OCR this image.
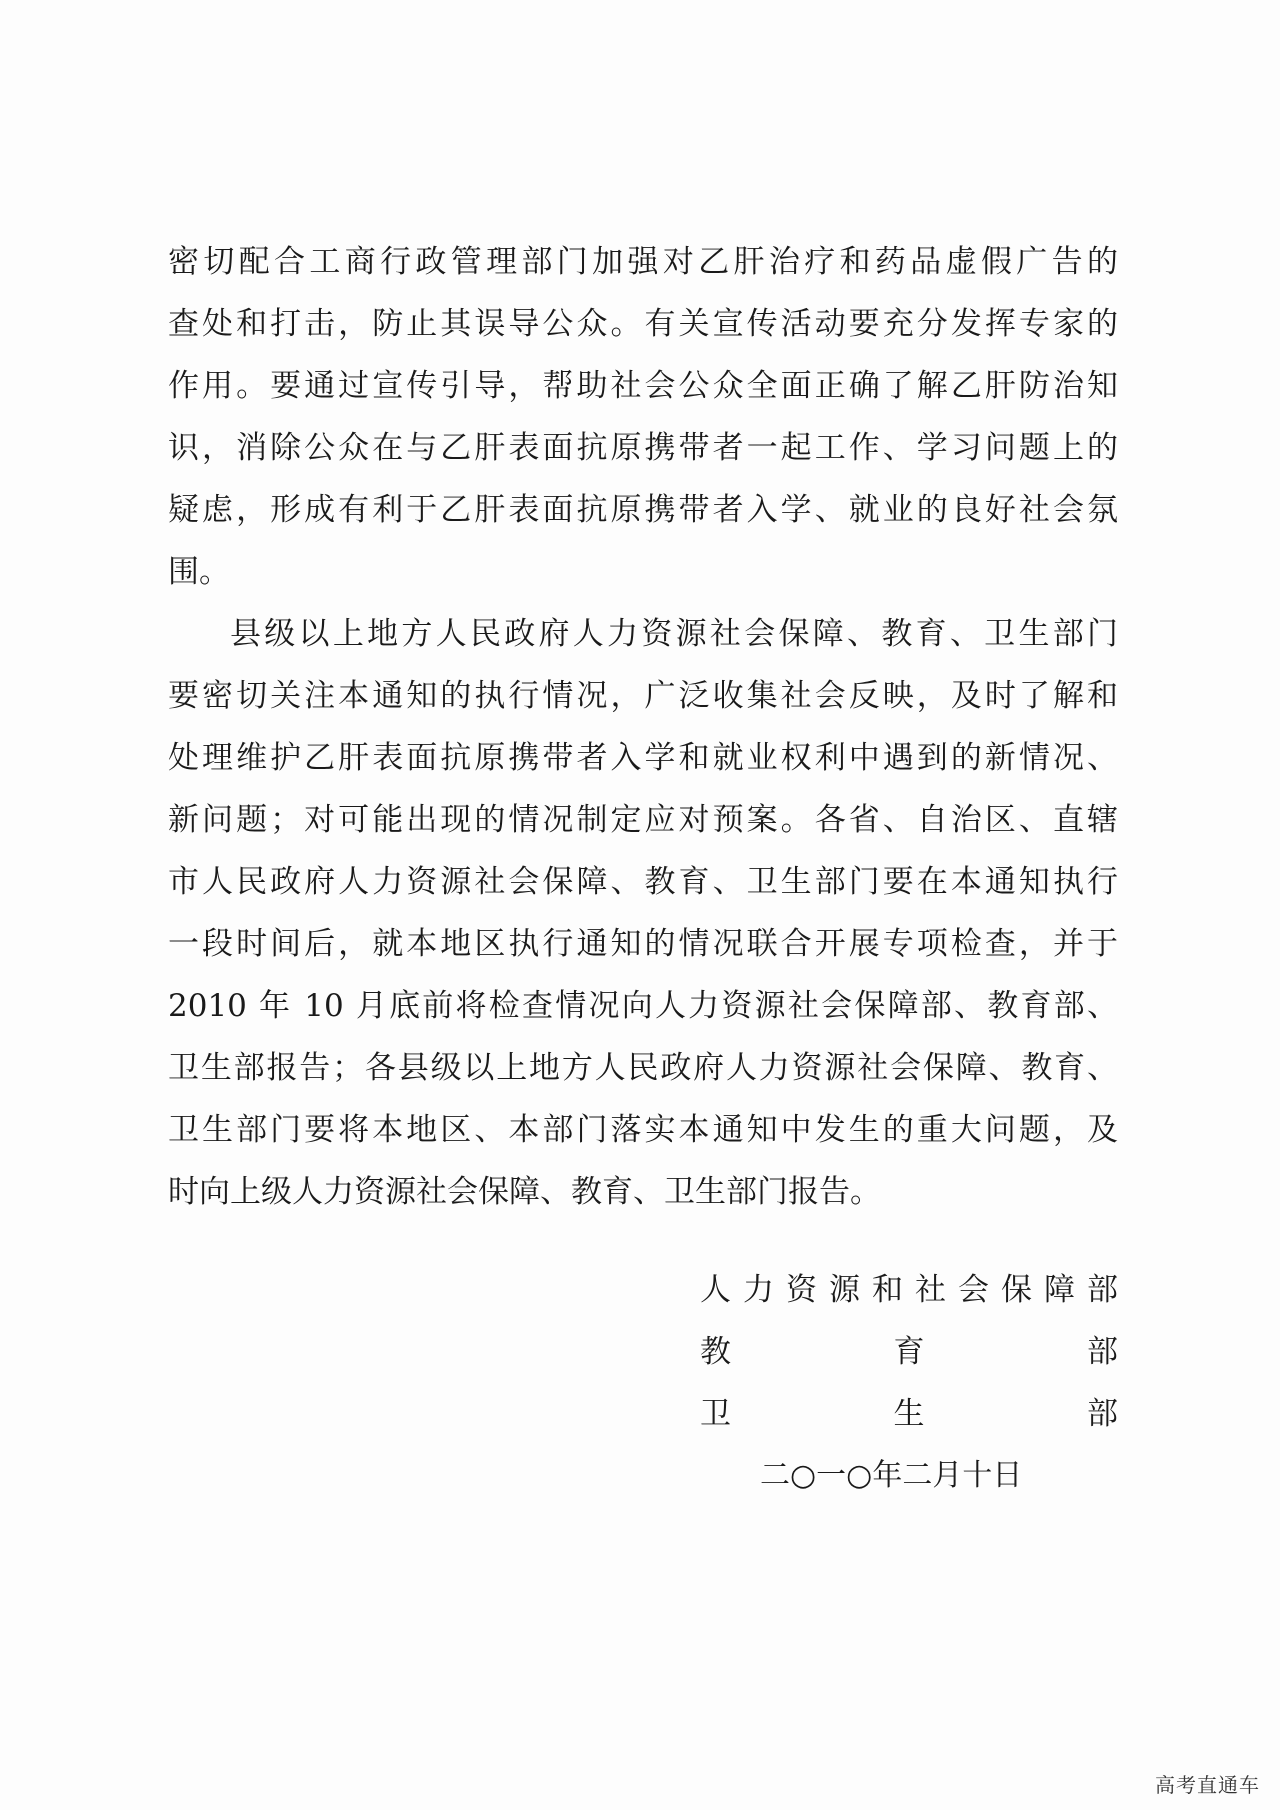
密切配合工商行政管理部门加强对乙肝治疗和药品虚假广告的
查处和打击，防止其误导公众。有关宣传活动要充分发挥专家的
作用。要通过宣传引导，帮助社会公众全面正确了解乙肝防治知
识，消除公众在与乙肝表面抗原携带者一起工作、学习问题上的
疑虑，形成有利于乙肝表面抗原携带者入学、就业的良好社会氛
围。
县级以上地方人民政府人力资源社会保障、教育、卫生部门
要密切关注本通知的执行情况，广泛收集社会反映，及时了解和
处理维护乙肝表面抗原携带者入学和就业权利中遇到的新情况、
新问题；对可能出现的情况制定应对预案。各省、自治区、直辖
市人民政府人力资源社会保障、教育、卫生部门要在本通知执行
一段时间后，就本地区执行通知的情况联合开展专项检查，并于
2010 年 10 月底前将检查情况向人力资源社会保障部、教育部、
卫生部报告；各县级以上地方人民政府人力资源社会保障、教育、
卫生部门要将本地区、本部门落实本通知中发生的重大问题，及
时向上级人力资源社会保障、教育、卫生部门报告。
人 力 资 源 和 社 会 保 障 部
教	育	部
卫	生	部
二○一○年二月十日
高考直通车
